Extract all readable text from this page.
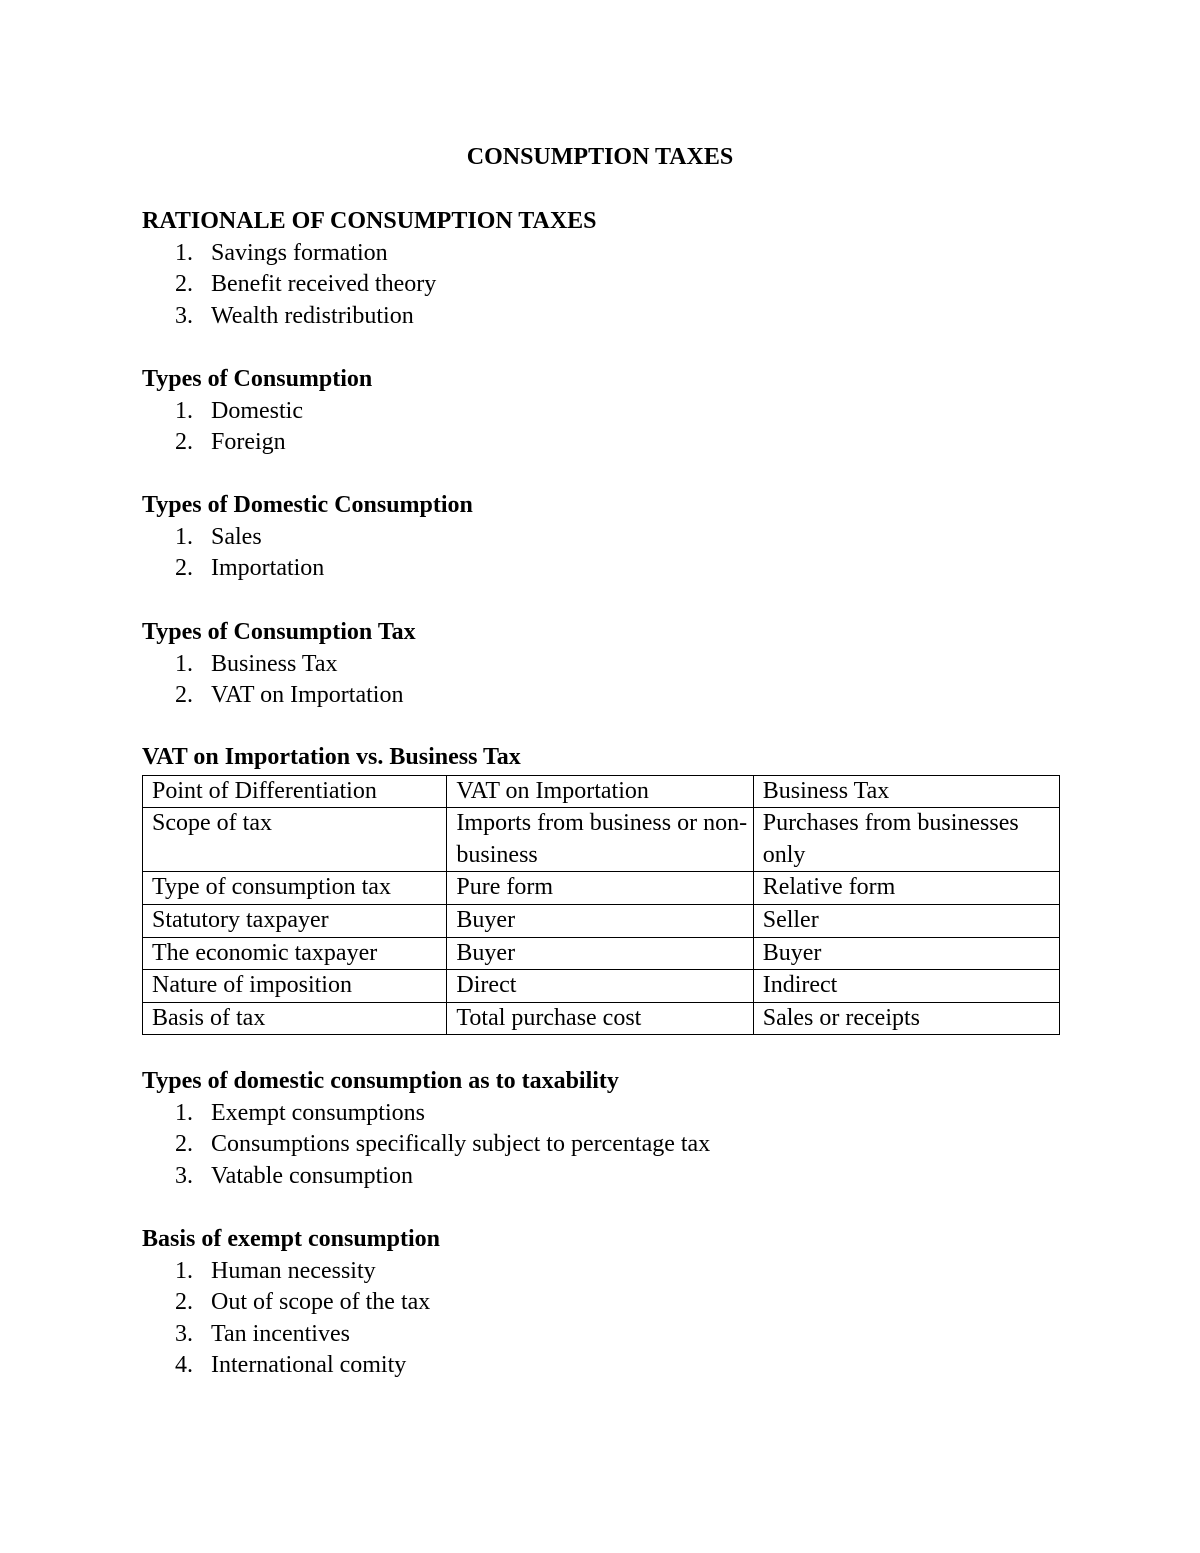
CONSUMPTION TAXES
RATIONALE OF CONSUMPTION TAXES
1. Savings formation
2. Benefit received theory
3. Wealth redistribution
Types of Consumption
1. Domestic
2. Foreign
Types of Domestic Consumption
1. Sales
2. Importation
Types of Consumption Tax
1. Business Tax
2. VAT on Importation
VAT on Importation vs. Business Tax
Point of Differentiation	VAT on Importation	Business Tax
Scope of tax	Imports from business or non-business	Purchases from businesses only
Type of consumption tax	Pure form	Relative form
Statutory taxpayer	Buyer	Seller
The economic taxpayer	Buyer	Buyer
Nature of imposition	Direct	Indirect
Basis of tax	Total purchase cost	Sales or receipts
Types of domestic consumption as to taxability
1. Exempt consumptions
2. Consumptions specifically subject to percentage tax
3. Vatable consumption
Basis of exempt consumption
1. Human necessity
2. Out of scope of the tax
3. Tan incentives
4. International comity
